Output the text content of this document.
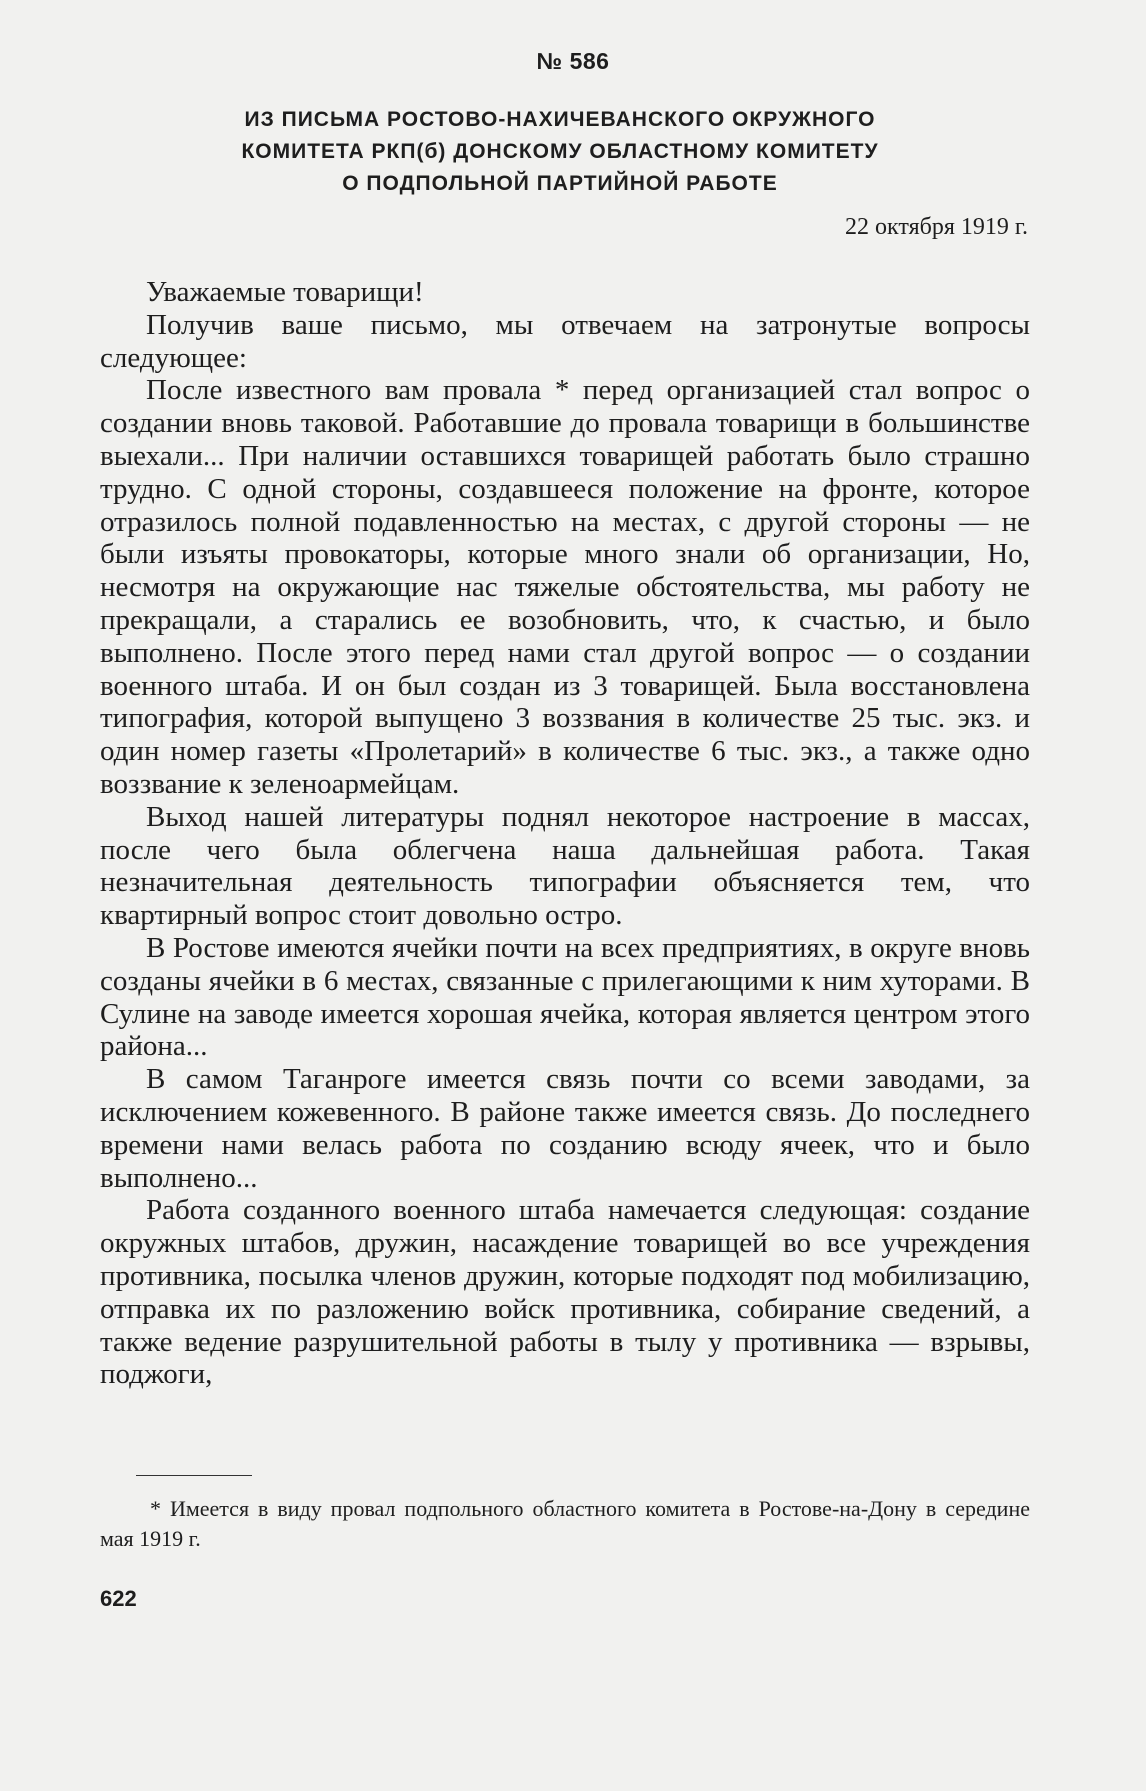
№ 586
ИЗ ПИСЬМА РОСТОВО-НАХИЧЕВАНСКОГО ОКРУЖНОГО
КОМИТЕТА РКП(б) ДОНСКОМУ ОБЛАСТНОМУ КОМИТЕТУ
О ПОДПОЛЬНОЙ ПАРТИЙНОЙ РАБОТЕ
22 октября 1919 г.

Уважаемые товарищи!

Получив ваше письмо, мы отвечаем на затронутые вопросы следующее:

После известного вам провала * перед организацией стал вопрос о создании вновь таковой. Работавшие до провала товарищи в большинстве выехали... При наличии оставшихся товарищей работать было страшно трудно. С одной стороны, создавшееся положение на фронте, которое отразилось полной подавленностью на местах, с другой стороны — не были изъяты провокаторы, которые много знали об организации, Но, несмотря на окружающие нас тяжелые обстоятельства, мы работу не прекращали, а старались ее возобновить, что, к счастью, и было выполнено. После этого перед нами стал другой вопрос — о создании военного штаба. И он был создан из 3 товарищей. Была восстановлена типография, которой выпущено 3 воззвания в количестве 25 тыс. экз. и один номер газеты «Пролетарий» в количестве 6 тыс. экз., а также одно воззвание к зеленоармейцам.

Выход нашей литературы поднял некоторое настроение в массах, после чего была облегчена наша дальнейшая работа. Такая незначительная деятельность типографии объясняется тем, что квартирный вопрос стоит довольно остро.

В Ростове имеются ячейки почти на всех предприятиях, в округе вновь созданы ячейки в 6 местах, связанные с прилегающими к ним хуторами. В Сулине на заводе имеется хорошая ячейка, которая является центром этого района...

В самом Таганроге имеется связь почти со всеми заводами, за исключением кожевенного. В районе также имеется связь. До последнего времени нами велась работа по созданию всюду ячеек, что и было выполнено...

Работа созданного военного штаба намечается следующая: создание окружных штабов, дружин, насаждение товарищей во все учреждения противника, посылка членов дружин, которые подходят под мобилизацию, отправка их по разложению войск противника, собирание сведений, а также ведение разрушительной работы в тылу у противника — взрывы, поджоги,

* Имеется в виду провал подпольного областного комитета в Ростове-на-Дону в середине мая 1919 г.
622
